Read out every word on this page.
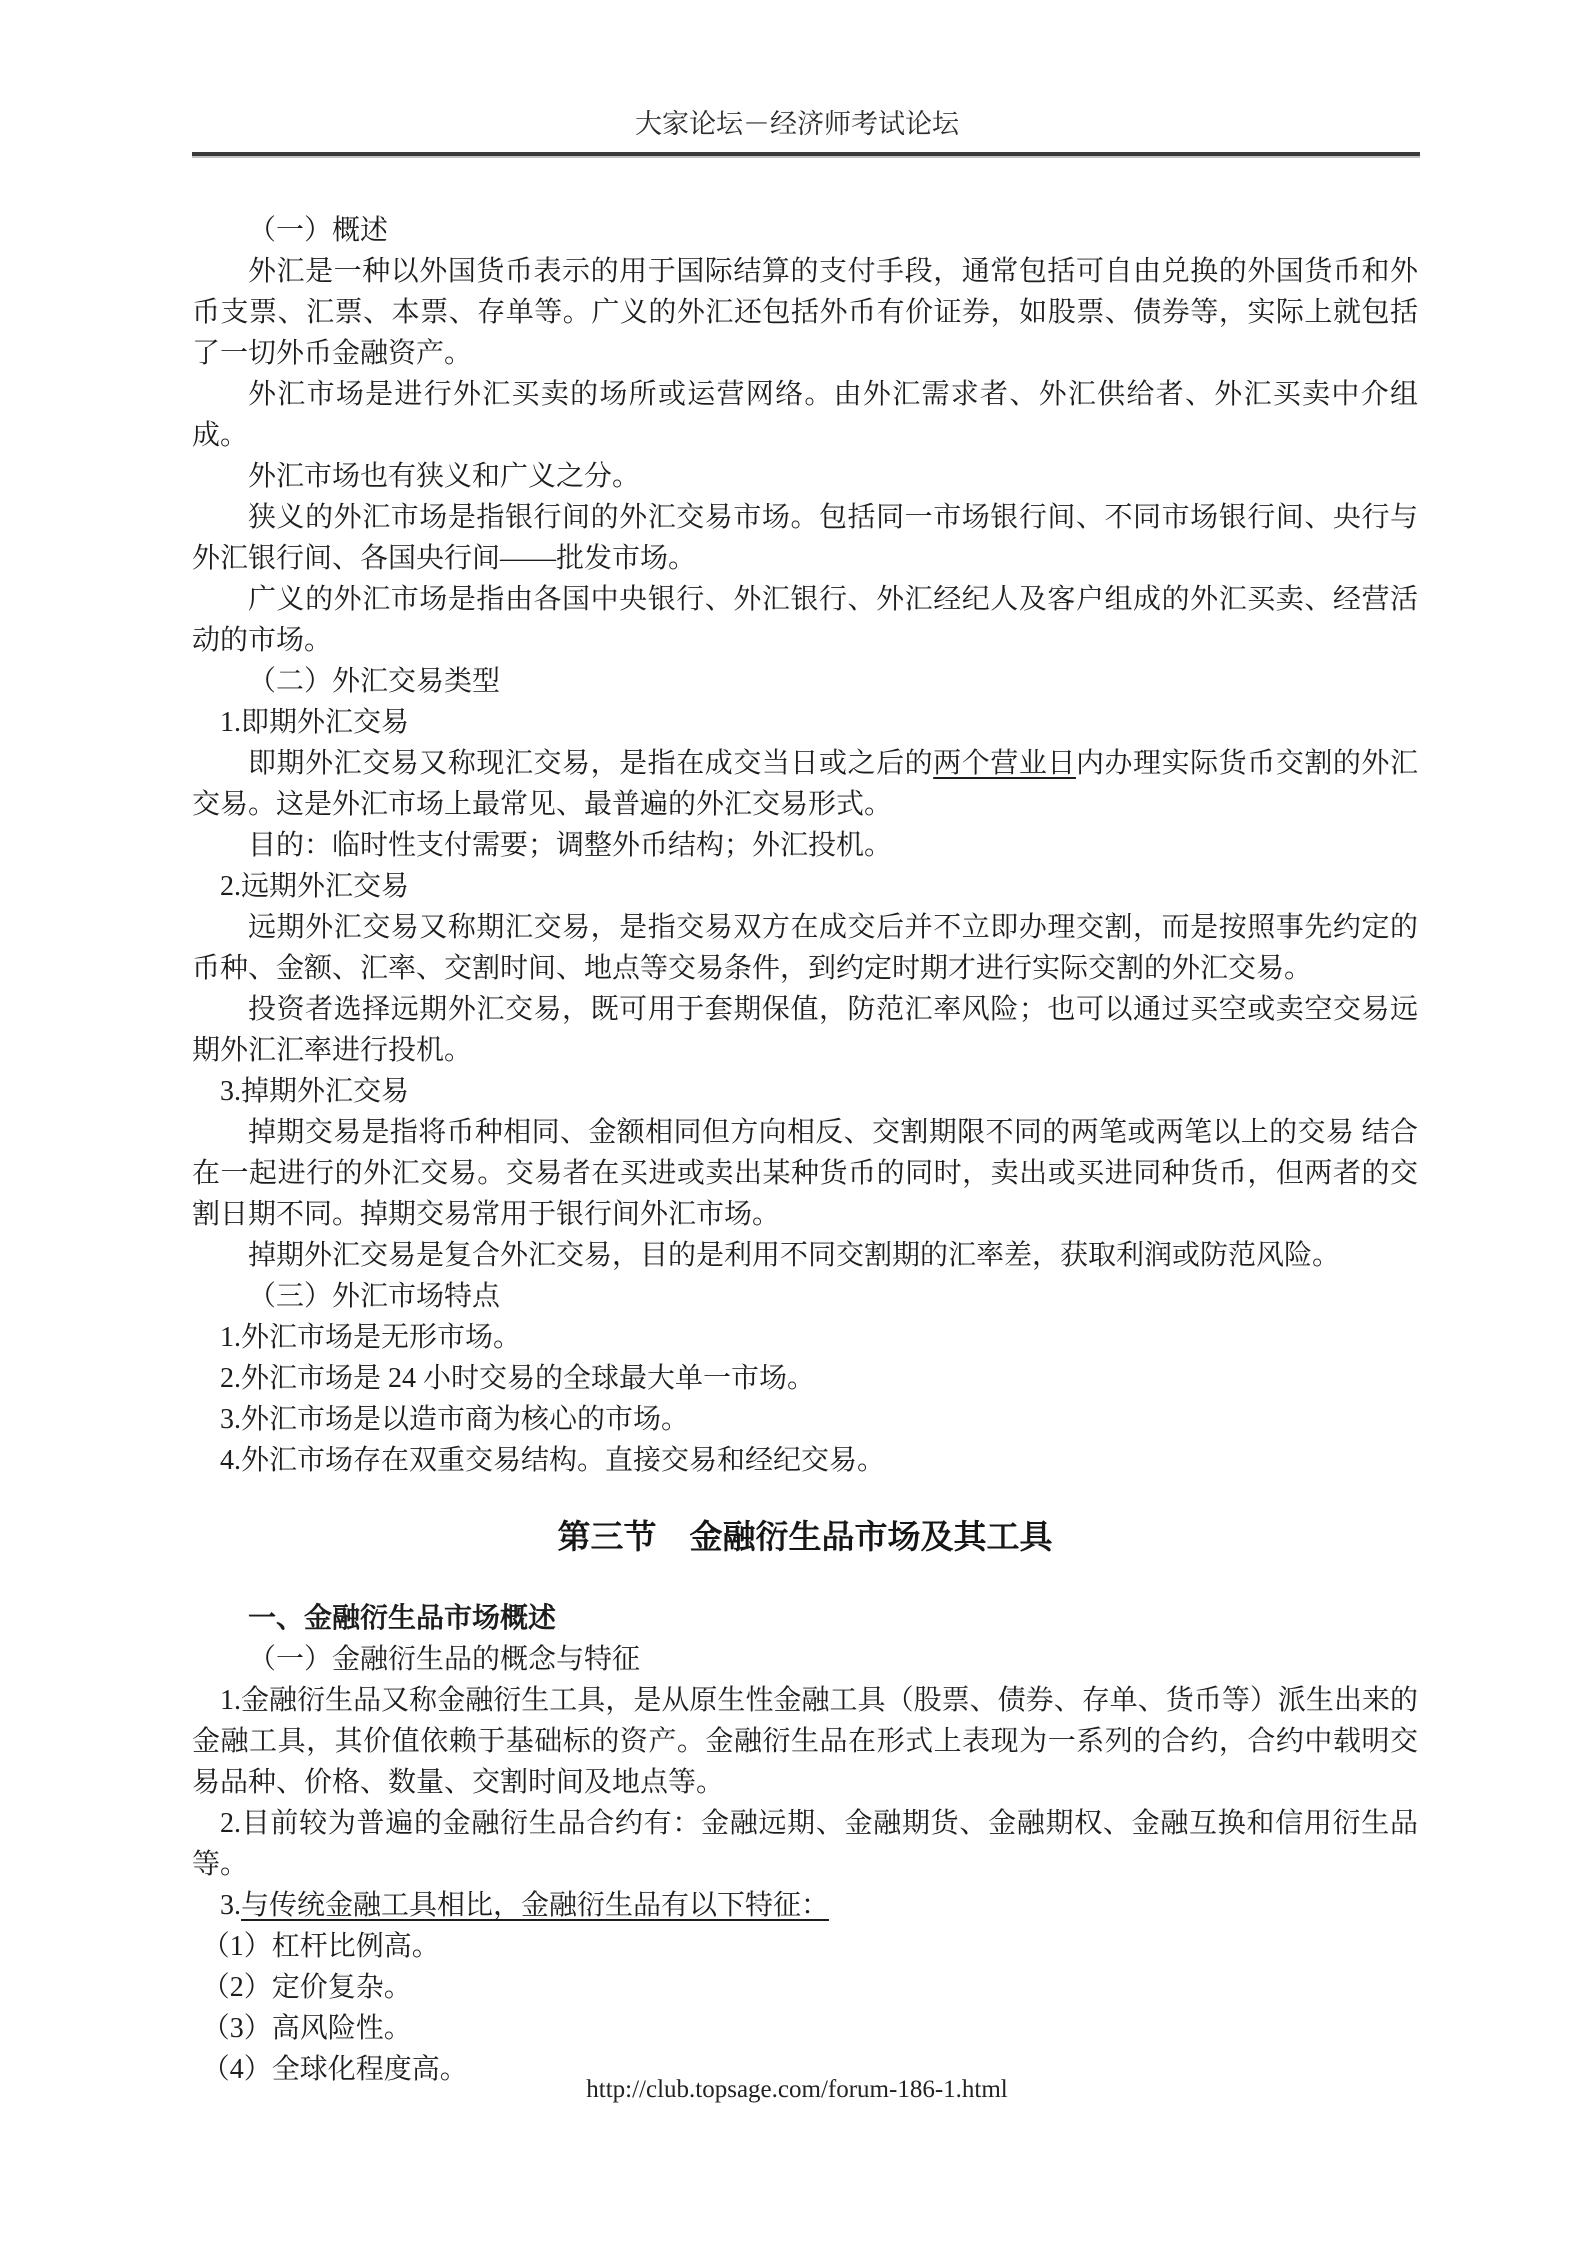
大家论坛－经济师考试论坛

（一）概述

外汇是一种以外国货币表示的用于国际结算的支付手段，通常包括可自由兑换的外国货币和外币支票、汇票、本票、存单等。广义的外汇还包括外币有价证券，如股票、债券等，实际上就包括了一切外币金融资产。

外汇市场是进行外汇买卖的场所或运营网络。由外汇需求者、外汇供给者、外汇买卖中介组成。

外汇市场也有狭义和广义之分。

狭义的外汇市场是指银行间的外汇交易市场。包括同一市场银行间、不同市场银行间、央行与外汇银行间、各国央行间——批发市场。

广义的外汇市场是指由各国中央银行、外汇银行、外汇经纪人及客户组成的外汇买卖、经营活动的市场。

（二）外汇交易类型

1.即期外汇交易

即期外汇交易又称现汇交易，是指在成交当日或之后的两个营业日内办理实际货币交割的外汇交易。这是外汇市场上最常见、最普遍的外汇交易形式。

目的：临时性支付需要；调整外币结构；外汇投机。

2.远期外汇交易

远期外汇交易又称期汇交易，是指交易双方在成交后并不立即办理交割，而是按照事先约定的币种、金额、汇率、交割时间、地点等交易条件，到约定时期才进行实际交割的外汇交易。

投资者选择远期外汇交易，既可用于套期保值，防范汇率风险；也可以通过买空或卖空交易远期外汇汇率进行投机。

3.掉期外汇交易

掉期交易是指将币种相同、金额相同但方向相反、交割期限不同的两笔或两笔以上的交易 结合在一起进行的外汇交易。交易者在买进或卖出某种货币的同时，卖出或买进同种货币，但两者的交割日期不同。掉期交易常用于银行间外汇市场。

掉期外汇交易是复合外汇交易，目的是利用不同交割期的汇率差，获取利润或防范风险。

（三）外汇市场特点

1.外汇市场是无形市场。

2.外汇市场是 24 小时交易的全球最大单一市场。

3.外汇市场是以造市商为核心的市场。

4.外汇市场存在双重交易结构。直接交易和经纪交易。

第三节　金融衍生品市场及其工具

一、金融衍生品市场概述

（一）金融衍生品的概念与特征

1.金融衍生品又称金融衍生工具，是从原生性金融工具（股票、债券、存单、货币等）派生出来的金融工具，其价值依赖于基础标的资产。金融衍生品在形式上表现为一系列的合约，合约中载明交易品种、价格、数量、交割时间及地点等。

2.目前较为普遍的金融衍生品合约有：金融远期、金融期货、金融期权、金融互换和信用衍生品等。

3.与传统金融工具相比，金融衍生品有以下特征：

（1）杠杆比例高。

（2）定价复杂。

（3）高风险性。

（4）全球化程度高。

http://club.topsage.com/forum-186-1.html
